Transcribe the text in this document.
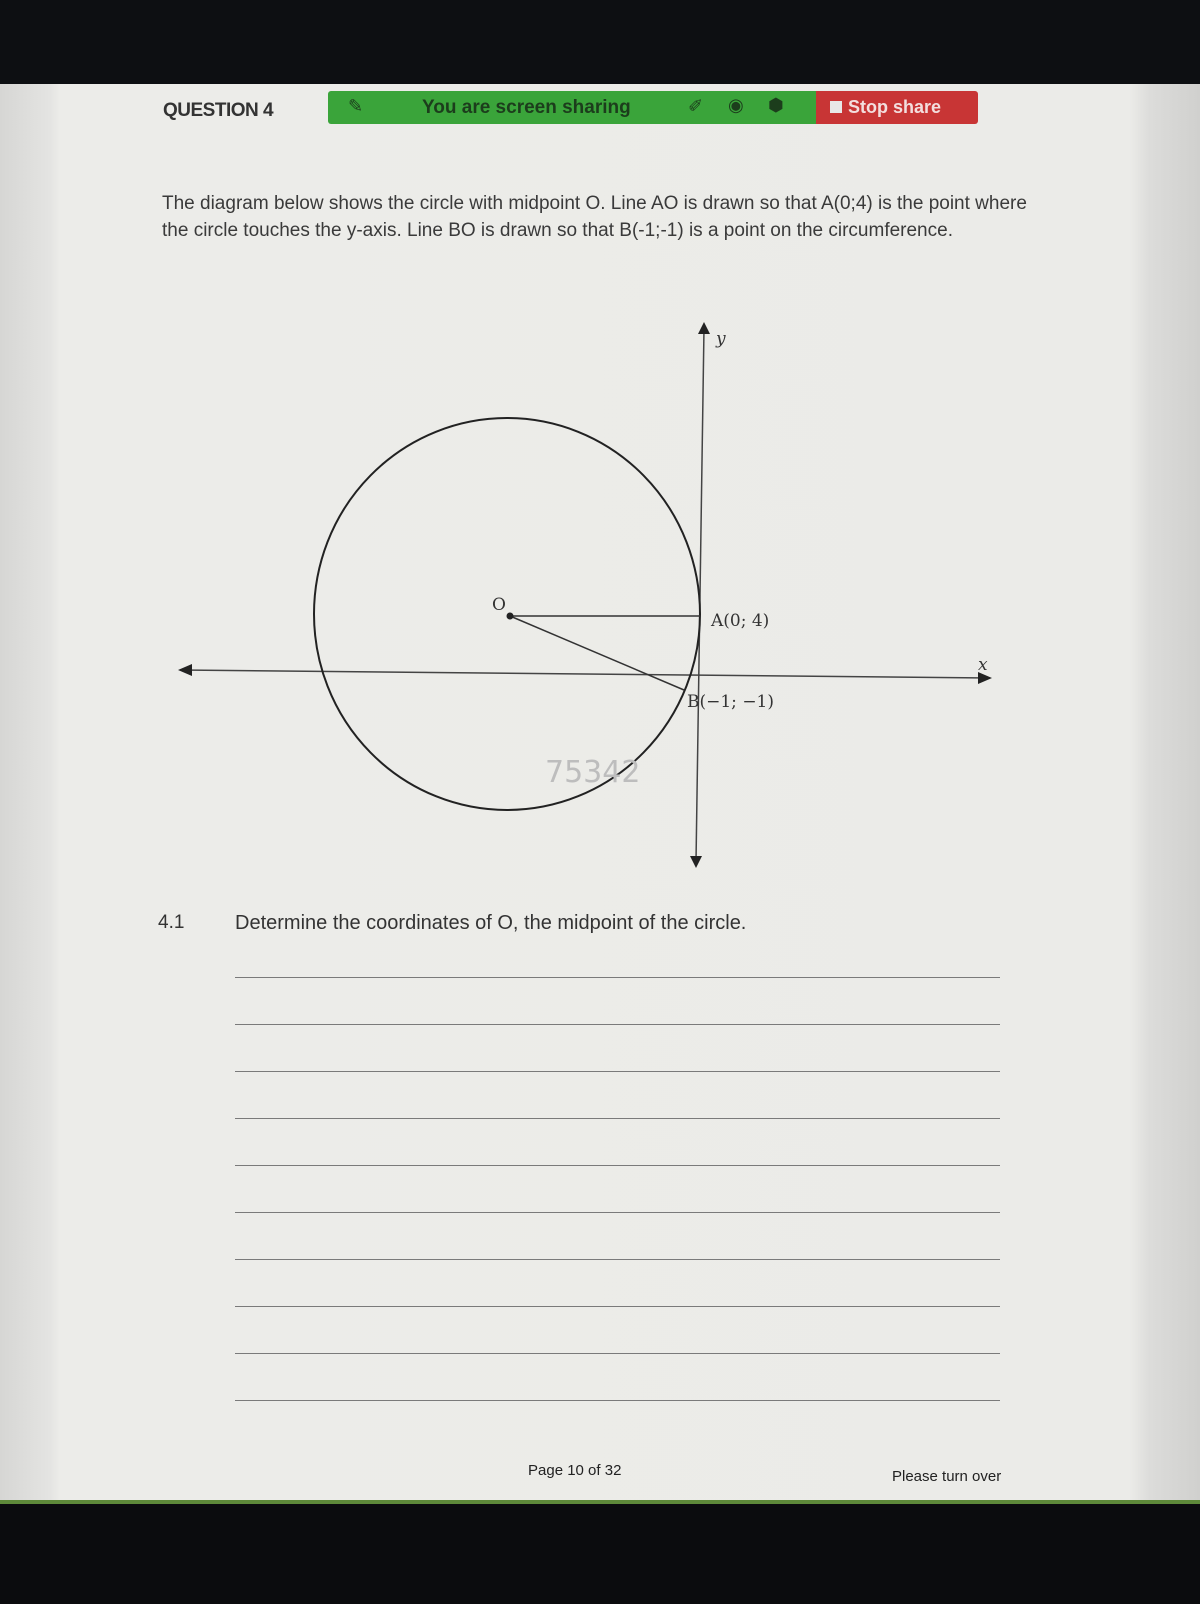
QUESTION 4	✎	You are screen sharing	✐ ◉ ⬢	Stop share
The diagram below shows the circle with midpoint O. Line AO is drawn so that A(0;4) is the point where the circle touches the y-axis. Line BO is drawn so that B(-1;-1) is a point on the circumference.
O
A(0; 4)
B(−1; −1)
y
x
75342
4.1	Determine the coordinates of O, the midpoint of the circle.
Page 10 of 32	Please turn over
